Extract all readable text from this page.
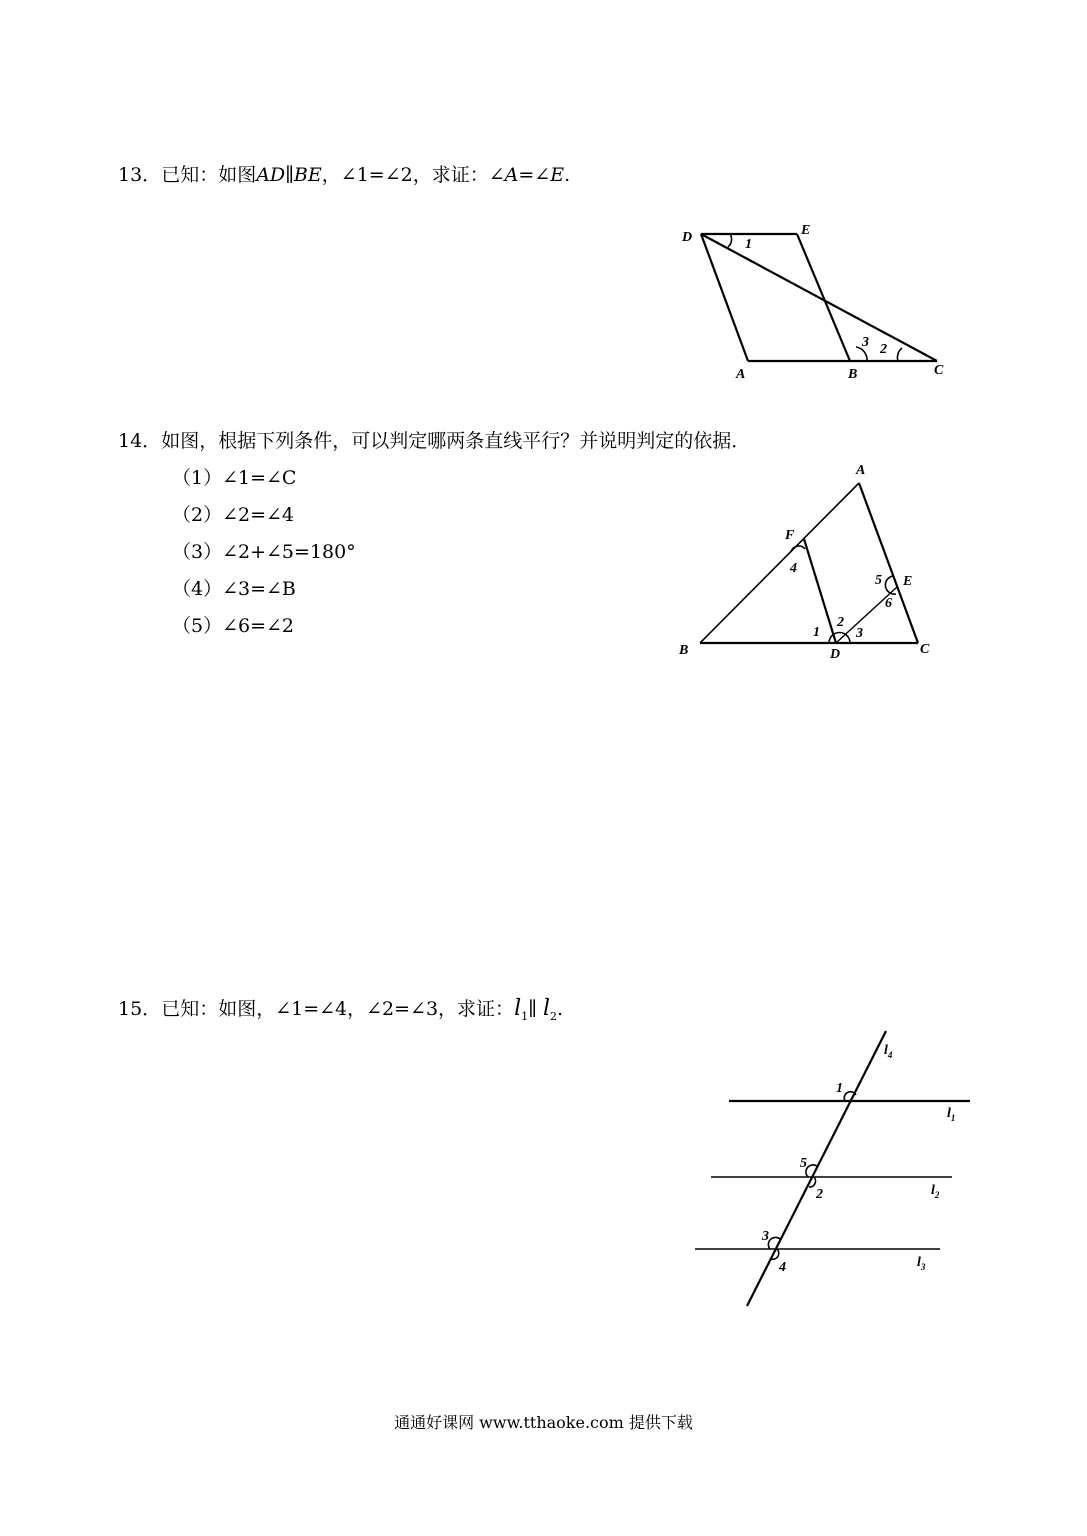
13．已知：如图AD∥BE，∠1=∠2，求证：∠A=∠E.
D	E
A	B	C
1
2
3
A
B	C
D
E
F
1
2
3
4
5
6
$l_4$
$l_1$
$l_2$
$l_3$
1
5
2
3
4
14．如图，根据下列条件，可以判定哪两条直线平行？并说明判定的依据．
（1）∠1=∠C
（2）∠2=∠4
（3）∠2+∠5=180°
（4）∠3=∠B
（5）∠6=∠2
15．已知：如图，∠1=∠4，∠2=∠3，求证：$l_1\parallel$ $l_2$.
通通好课网 www.tthaoke.com 提供下载
